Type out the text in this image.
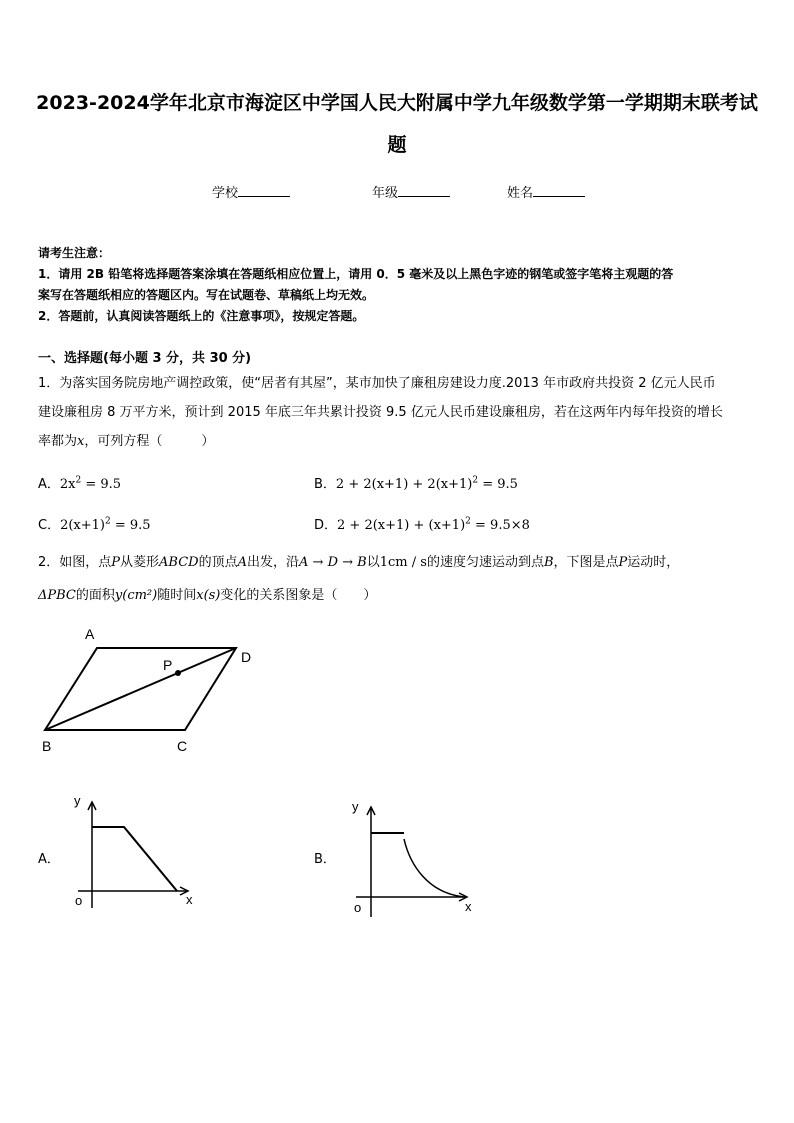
2023-2024学年北京市海淀区中学国人民大附属中学九年级数学第一学期期末联考试
题
学校	年级	姓名
请考生注意：
1．请用 2B 铅笔将选择题答案涂填在答题纸相应位置上，请用 0．5 毫米及以上黑色字迹的钢笔或签字笔将主观题的答
案写在答题纸相应的答题区内。写在试题卷、草稿纸上均无效。
2．答题前，认真阅读答题纸上的《注意事项》，按规定答题。
一、选择题(每小题 3 分，共 30 分)
1．为落实国务院房地产调控政策，使“居者有其屋”，某市加快了廉租房建设力度.2013 年市政府共投资 2 亿元人民币
建设廉租房 8 万平方米，预计到 2015 年底三年共累计投资 9.5 亿元人民币建设廉租房，若在这两年内每年投资的增长
率都为x，可列方程（　　　）
A．$2x^2 = 9.5$	B．$2 + 2(x+1) + 2(x+1)^2 = 9.5$
C．$2(x+1)^2 = 9.5$	D．$2 + 2(x+1) + (x+1)^2 = 9.5\times 8$
2．如图，点P从菱形ABCD的顶点A出发，沿A → D → B以1cm / s的速度匀速运动到点B，下图是点P运动时，
ΔPBC的面积y(cm²)随时间x(s)变化的关系图象是（　　）
A
D
B	C
P
A．
y
x
o
B．
y
x
o
